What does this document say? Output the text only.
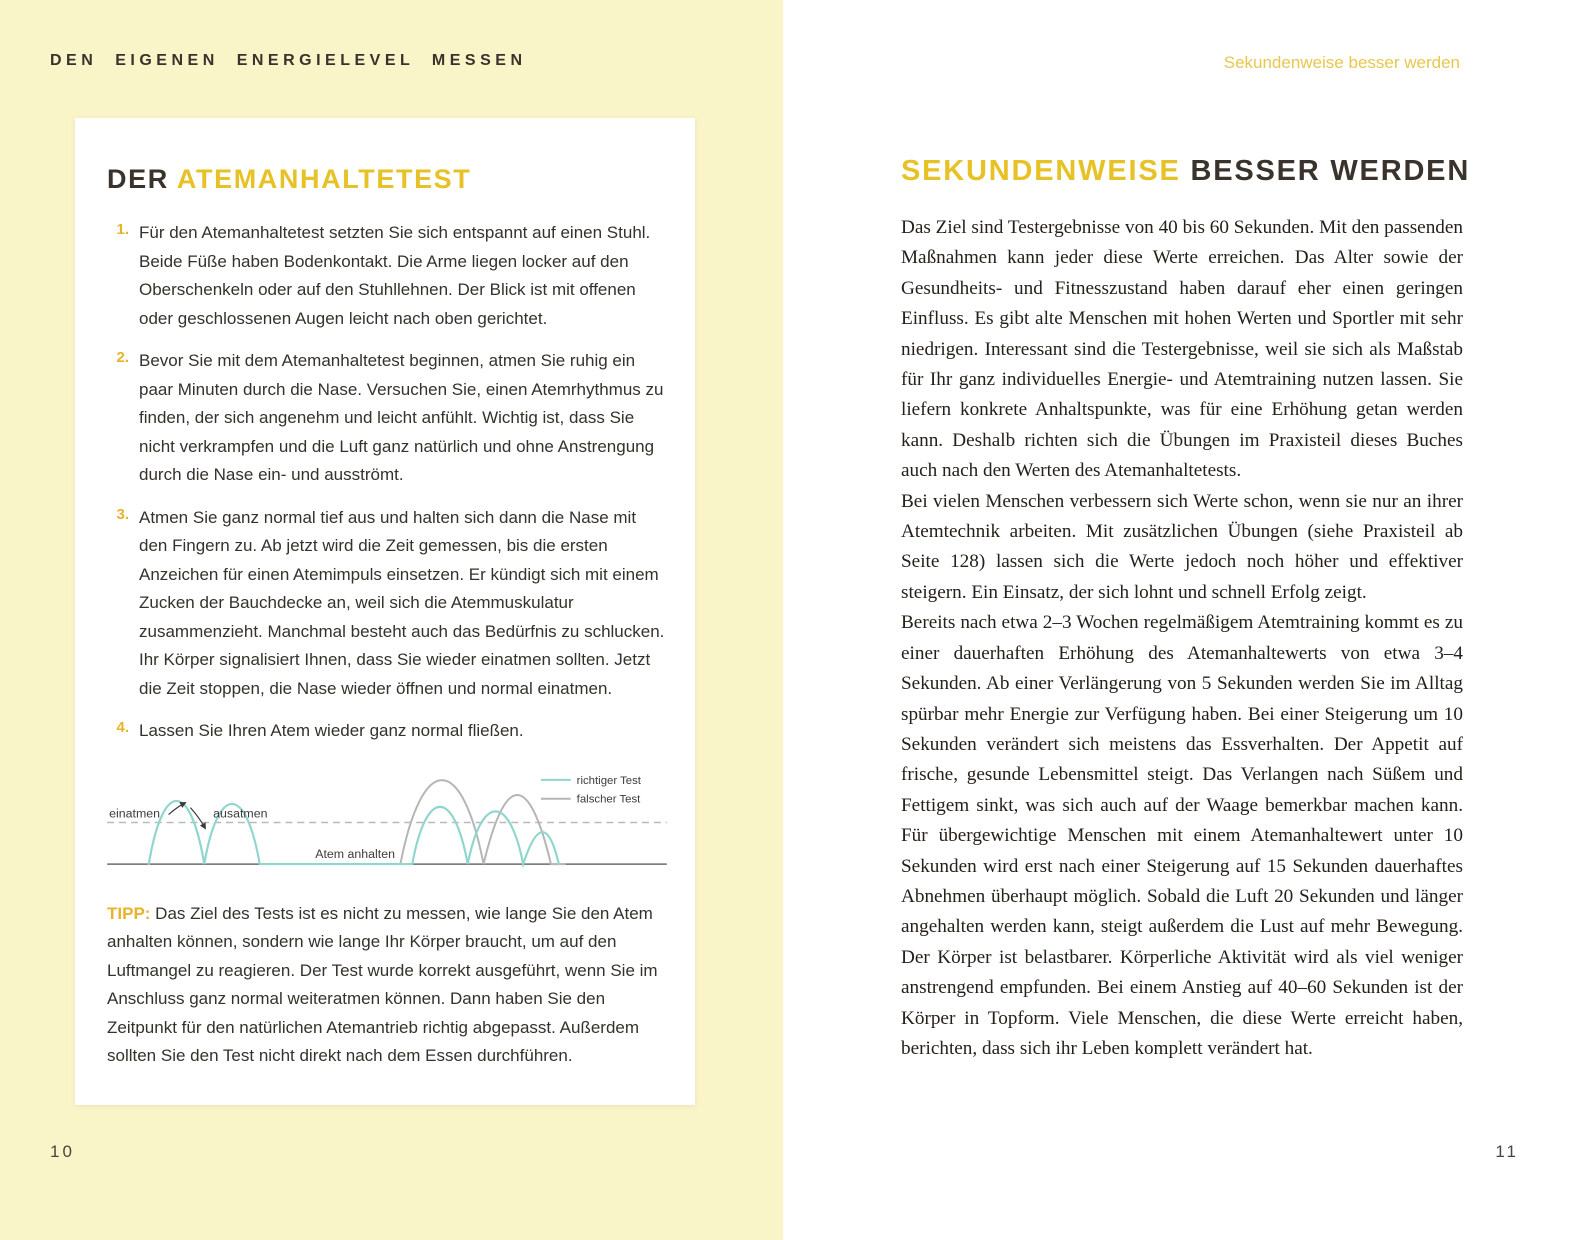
DEN EIGENEN ENERGIELEVEL MESSEN
DER ATEMANHALTETEST
1. Für den Atemanhaltetest setzten Sie sich entspannt auf einen Stuhl. Beide Füße haben Bodenkontakt. Die Arme liegen locker auf den Oberschenkeln oder auf den Stuhllehnen. Der Blick ist mit offenen oder geschlossenen Augen leicht nach oben gerichtet.
2. Bevor Sie mit dem Atemanhaltetest beginnen, atmen Sie ruhig ein paar Minuten durch die Nase. Versuchen Sie, einen Atemrhythmus zu finden, der sich angenehm und leicht anfühlt. Wichtig ist, dass Sie nicht verkrampfen und die Luft ganz natürlich und ohne Anstrengung durch die Nase ein- und ausströmt.
3. Atmen Sie ganz normal tief aus und halten sich dann die Nase mit den Fingern zu. Ab jetzt wird die Zeit gemessen, bis die ersten Anzeichen für einen Atemimpuls einsetzen. Er kündigt sich mit einem Zucken der Bauchdecke an, weil sich die Atemmuskulatur zusammenzieht. Manchmal besteht auch das Bedürfnis zu schlucken. Ihr Körper signalisiert Ihnen, dass Sie wieder einatmen sollten. Jetzt die Zeit stoppen, die Nase wieder öffnen und normal einatmen.
4. Lassen Sie Ihren Atem wieder ganz normal fließen.
einatmen	ausatmen
Atem anhalten
richtiger Test
falscher Test

TIPP: Das Ziel des Tests ist es nicht zu messen, wie lange Sie den Atem anhalten können, sondern wie lange Ihr Körper braucht, um auf den Luftmangel zu reagieren. Der Test wurde korrekt ausgeführt, wenn Sie im Anschluss ganz normal weiteratmen können. Dann haben Sie den Zeitpunkt für den natürlichen Atemantrieb richtig abgepasst. Außerdem sollten Sie den Test nicht direkt nach dem Essen durchführen.

10
Sekundenweise besser werden
SEKUNDENWEISE BESSER WERDEN

Das Ziel sind Testergebnisse von 40 bis 60 Sekunden. Mit den passenden Maßnahmen kann jeder diese Werte erreichen. Das Alter sowie der Gesundheits- und Fitnesszustand haben darauf eher einen geringen Einfluss. Es gibt alte Menschen mit hohen Werten und Sportler mit sehr niedrigen. Interessant sind die Testergebnisse, weil sie sich als Maßstab für Ihr ganz individuelles Energie- und Atemtraining nutzen lassen. Sie liefern konkrete Anhaltspunkte, was für eine Erhöhung getan werden kann. Deshalb richten sich die Übungen im Praxisteil dieses Buches auch nach den Werten des Atemanhaltetests.

Bei vielen Menschen verbessern sich Werte schon, wenn sie nur an ihrer Atemtechnik arbeiten. Mit zusätzlichen Übungen (siehe Praxisteil ab Seite 128) lassen sich die Werte jedoch noch höher und effektiver steigern. Ein Einsatz, der sich lohnt und schnell Erfolg zeigt.

Bereits nach etwa 2–3 Wochen regelmäßigem Atemtraining kommt es zu einer dauerhaften Erhöhung des Atemanhaltewerts von etwa 3–4 Sekunden. Ab einer Verlängerung von 5 Sekunden werden Sie im Alltag spürbar mehr Energie zur Verfügung haben. Bei einer Steigerung um 10 Sekunden verändert sich meistens das Essverhalten. Der Appetit auf frische, gesunde Lebensmittel steigt. Das Verlangen nach Süßem und Fettigem sinkt, was sich auch auf der Waage bemerkbar machen kann. Für übergewichtige Menschen mit einem Atemanhaltewert unter 10 Sekunden wird erst nach einer Steigerung auf 15 Sekunden dauerhaftes Abnehmen überhaupt möglich. Sobald die Luft 20 Sekunden und länger angehalten werden kann, steigt außerdem die Lust auf mehr Bewegung. Der Körper ist belastbarer. Körperliche Aktivität wird als viel weniger anstrengend empfunden. Bei einem Anstieg auf 40–60 Sekunden ist der Körper in Topform. Viele Menschen, die diese Werte erreicht haben, berichten, dass sich ihr Leben komplett verändert hat.

11
